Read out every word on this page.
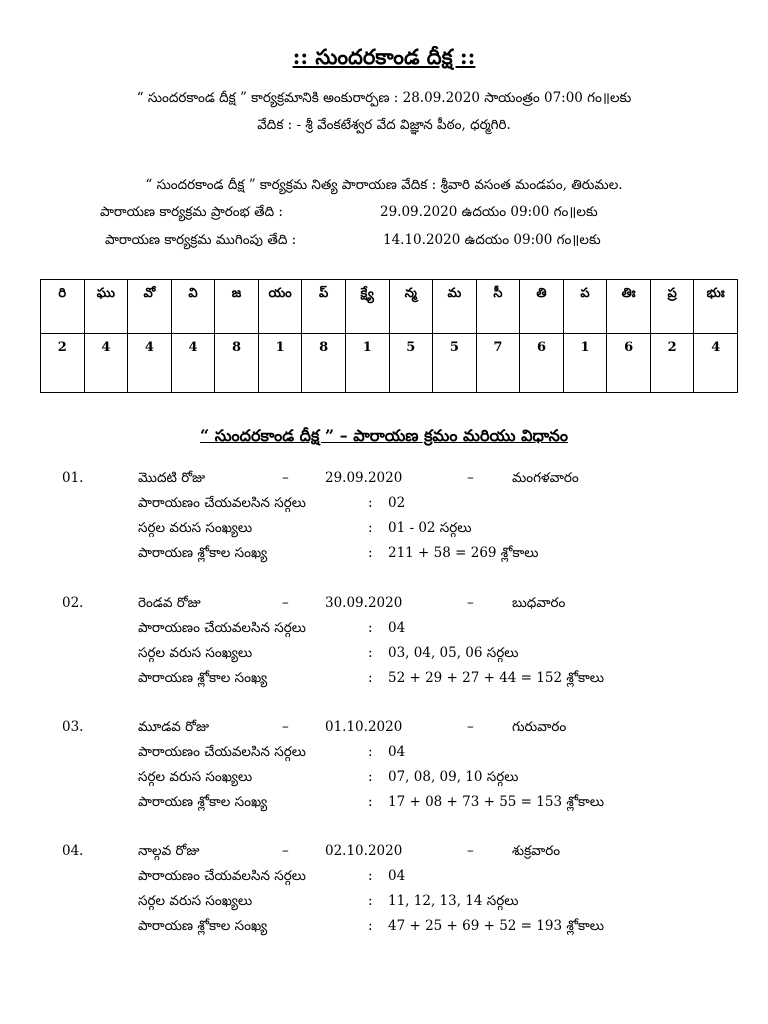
:: సుందరకాండ దీక్ష ::
“ సుందరకాండ దీక్ష ” కార్యక్రమానికి అంకురార్పణ : 28.09.2020 సాయంత్రం 07:00 గం॥లకు
వేదిక : - శ్రీ వేంకటేశ్వర వేద విజ్ఞాన పీఠం, ధర్మగిరి.
“ సుందరకాండ దీక్ష ” కార్యక్రమ నిత్య పారాయణ వేదిక : శ్రీవారి వసంత మండపం, తిరుమల.
పారాయణ కార్యక్రమ ప్రారంభ తేది :	29.09.2020 ఉదయం 09:00 గం॥లకు
పారాయణ కార్యక్రమ ముగింపు తేది :	14.10.2020 ఉదయం 09:00 గం॥లకు
రి	ఘు	వో	వి	జ	యం	ప్	క్ష్యే	న్మ	మ	సీ	తి	ప	తిః	ప్ర	భుః
2	4	4	4	8	1	8	1	5	5	7	6	1	6	2	4
“ సుందరకాండ దీక్ష ” – పారాయణ క్రమం మరియు విధానం
01.	మొదటి రోజు	–	29.09.2020	–	మంగళవారం
పారాయణం చేయవలసిన సర్గలు	: 02
సర్గల వరుస సంఖ్యలు	: 01 - 02 సర్గలు
పారాయణ శ్లోకాల సంఖ్య	: 211 + 58 = 269 శ్లోకాలు
02.	రెండవ రోజు	–	30.09.2020	–	బుధవారం
పారాయణం చేయవలసిన సర్గలు	: 04
సర్గల వరుస సంఖ్యలు	: 03, 04, 05, 06 సర్గలు
పారాయణ శ్లోకాల సంఖ్య	: 52 + 29 + 27 + 44 = 152 శ్లోకాలు
03.	మూడవ రోజు	–	01.10.2020	–	గురువారం
పారాయణం చేయవలసిన సర్గలు	: 04
సర్గల వరుస సంఖ్యలు	: 07, 08, 09, 10 సర్గలు
పారాయణ శ్లోకాల సంఖ్య	: 17 + 08 + 73 + 55 = 153 శ్లోకాలు
04.	నాల్గవ రోజు	–	02.10.2020	–	శుక్రవారం
పారాయణం చేయవలసిన సర్గలు	: 04
సర్గల వరుస సంఖ్యలు	: 11, 12, 13, 14 సర్గలు
పారాయణ శ్లోకాల సంఖ్య	: 47 + 25 + 69 + 52 = 193 శ్లోకాలు
